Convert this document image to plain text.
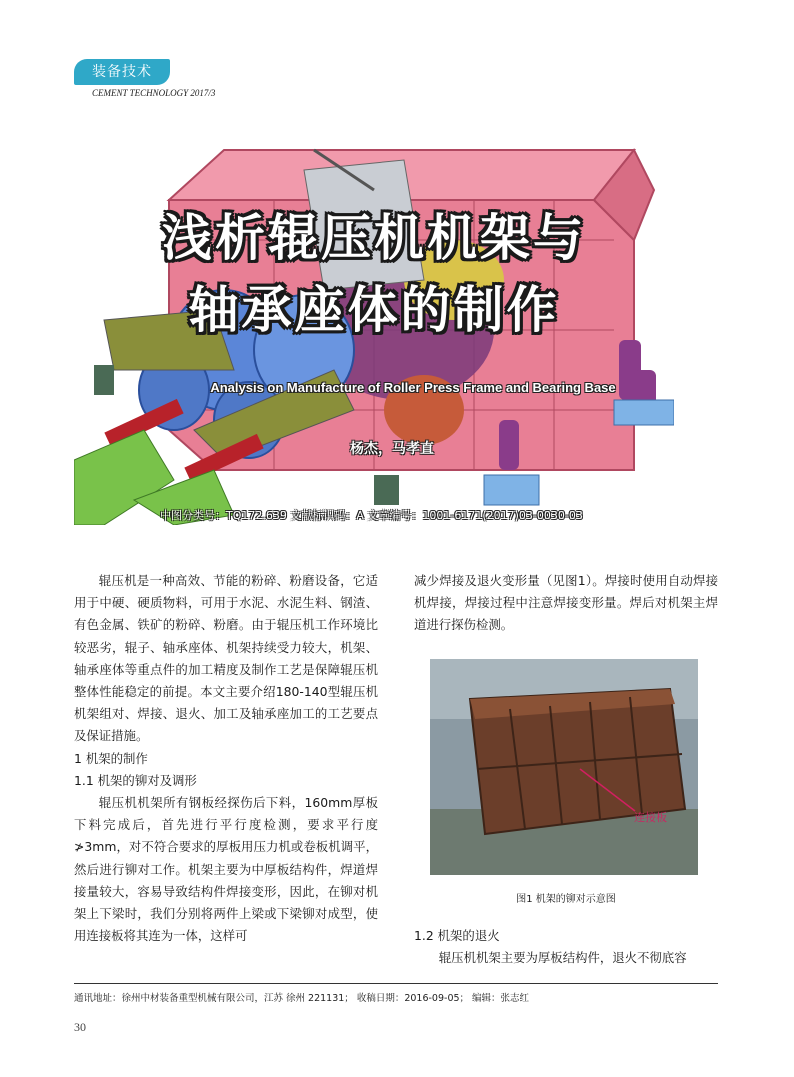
装备技术
CEMENT TECHNOLOGY 2017/3
浅析辊压机机架与
轴承座体的制作
Analysis on Manufacture of Roller Press Frame and Bearing Base
杨杰，马孝直
中图分类号：TQ172.639 文献标识码：A 文章编号：1001-6171(2017)03-0030-03

辊压机是一种高效、节能的粉碎、粉磨设备，它适用于中硬、硬质物料，可用于水泥、水泥生料、钢渣、有色金属、铁矿的粉碎、粉磨。由于辊压机工作环境比较恶劣，辊子、轴承座体、机架持续受力较大，机架、轴承座体等重点件的加工精度及制作工艺是保障辊压机整体性能稳定的前提。本文主要介绍180-140型辊压机机架组对、焊接、退火、加工及轴承座加工的工艺要点及保证措施。

1 机架的制作

1.1 机架的铆对及调形

辊压机机架所有钢板经探伤后下料，160mm厚板下料完成后，首先进行平行度检测，要求平行度≯3mm，对不符合要求的厚板用压力机或卷板机调平，然后进行铆对工作。机架主要为中厚板结构件，焊道焊接量较大，容易导致结构件焊接变形，因此，在铆对机架上下梁时，我们分别将两件上梁或下梁铆对成型，使用连接板将其连为一体，这样可

减少焊接及退火变形量（见图1）。焊接时使用自动焊接机焊接，焊接过程中注意焊接变形量。焊后对机架主焊道进行探伤检测。

连接板
图1 机架的铆对示意图

1.2 机架的退火

辊压机机架主要为厚板结构件，退火不彻底容

通讯地址：徐州中材装备重型机械有限公司，江苏 徐州 221131； 收稿日期：2016-09-05； 编辑：张志红
30
